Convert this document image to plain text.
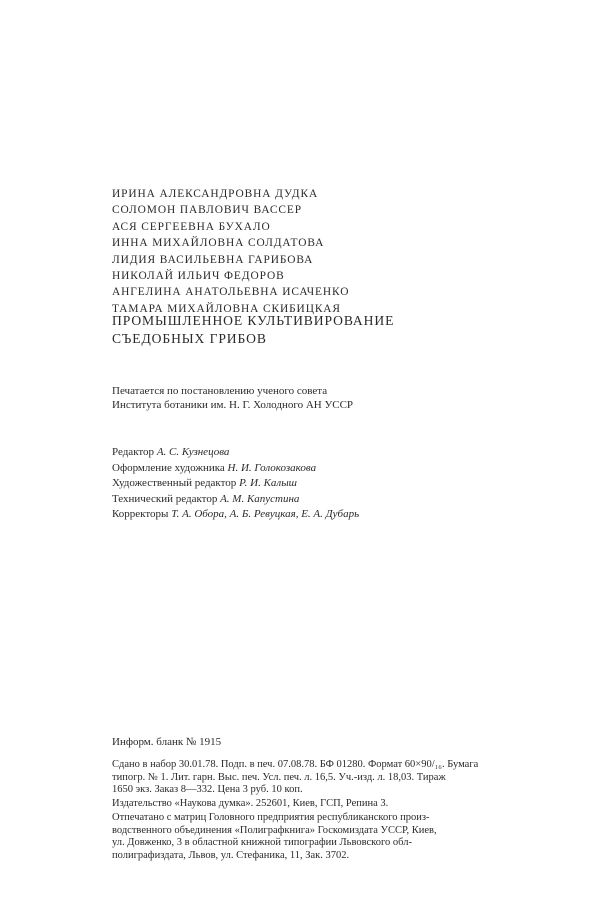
ИРИНА АЛЕКСАНДРОВНА ДУДКА
СОЛОМОН ПАВЛОВИЧ ВАССЕР
АСЯ СЕРГЕЕВНА БУХАЛО
ИННА МИХАЙЛОВНА СОЛДАТОВА
ЛИДИЯ ВАСИЛЬЕВНА ГАРИБОВА
НИКОЛАЙ ИЛЬИЧ ФЕДОРОВ
АНГЕЛИНА АНАТОЛЬЕВНА ИСАЧЕНКО
ТАМАРА МИХАЙЛОВНА СКИБИЦКАЯ
ПРОМЫШЛЕННОЕ КУЛЬТИВИРОВАНИЕ
СЪЕДОБНЫХ ГРИБОВ
Печатается по постановлению ученого совета
Института ботаники им. Н. Г. Холодного АН УССР
Редактор А. С. Кузнецова
Оформление художника Н. И. Голокозакова
Художественный редактор Р. И. Калыш
Технический редактор А. М. Капустина
Корректоры Т. А. Обора, А. Б. Ревуцкая, Е. А. Дубарь
Информ. бланк № 1915
Сдано в набор 30.01.78. Подп. в печ. 07.08.78. БФ 01280. Формат 60×90/₁₆. Бумага
типогр. № 1. Лит. гарн. Выс. печ. Усл. печ. л. 16,5. Уч.-изд. л. 18,03. Тираж
1650 экз. Заказ 8—332. Цена 3 руб. 10 коп.
Издательство «Наукова думка». 252601, Киев, ГСП, Репина 3.
Отпечатано с матриц Головного предприятия республиканского произ-
водственного объединения «Полиграфкнига» Госкомиздата УССР, Киев,
ул. Довженко, 3 в областной книжной типографии Львовского обл-
полиграфиздата, Львов, ул. Стефаника, 11, Зак. 3702.
